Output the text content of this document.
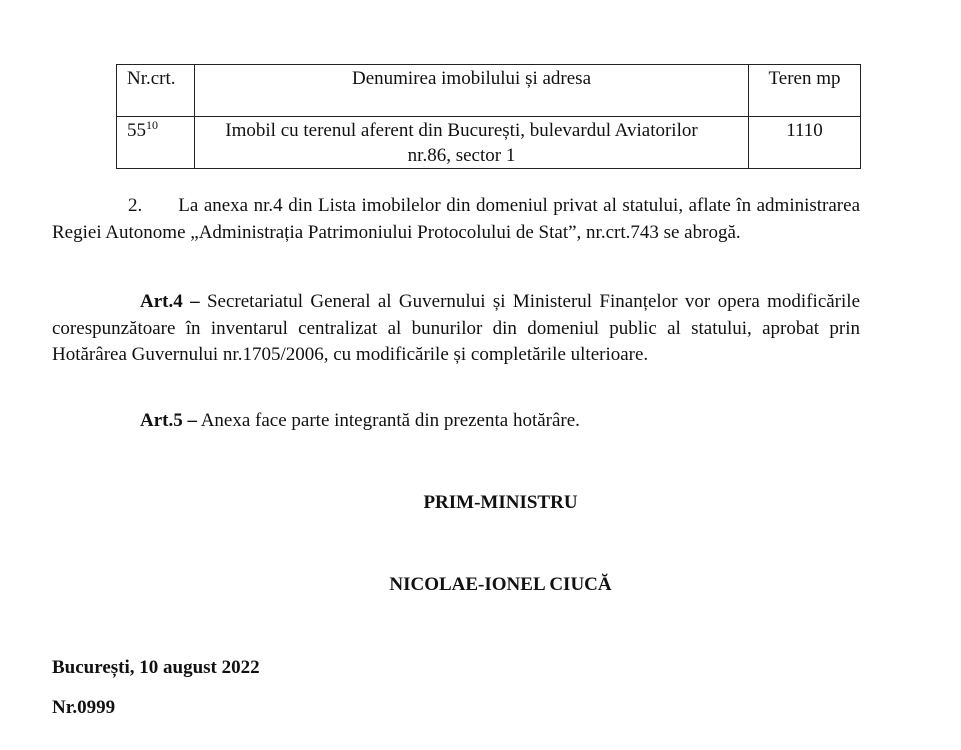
Nr.crt.	Denumirea imobilului și adresa	Teren mp
$55^{10}$	Imobil cu terenul aferent din București, bulevardul Aviatorilor nr.86, sector 1	1110

2. La anexa nr.4 din Lista imobilelor din domeniul privat al statului, aflate în administrarea Regiei Autonome „Administrația Patrimoniului Protocolului de Stat”, nr.crt.743 se abrogă.

Art.4 – Secretariatul General al Guvernului și Ministerul Finanțelor vor opera modificările corespunzătoare în inventarul centralizat al bunurilor din domeniul public al statului, aprobat prin Hotărârea Guvernului nr.1705/2006, cu modificările și completările ulterioare.

Art.5 – Anexa face parte integrantă din prezenta hotărâre.

PRIM-MINISTRU

NICOLAE-IONEL CIUCĂ

București, 10 august 2022

Nr.0999
